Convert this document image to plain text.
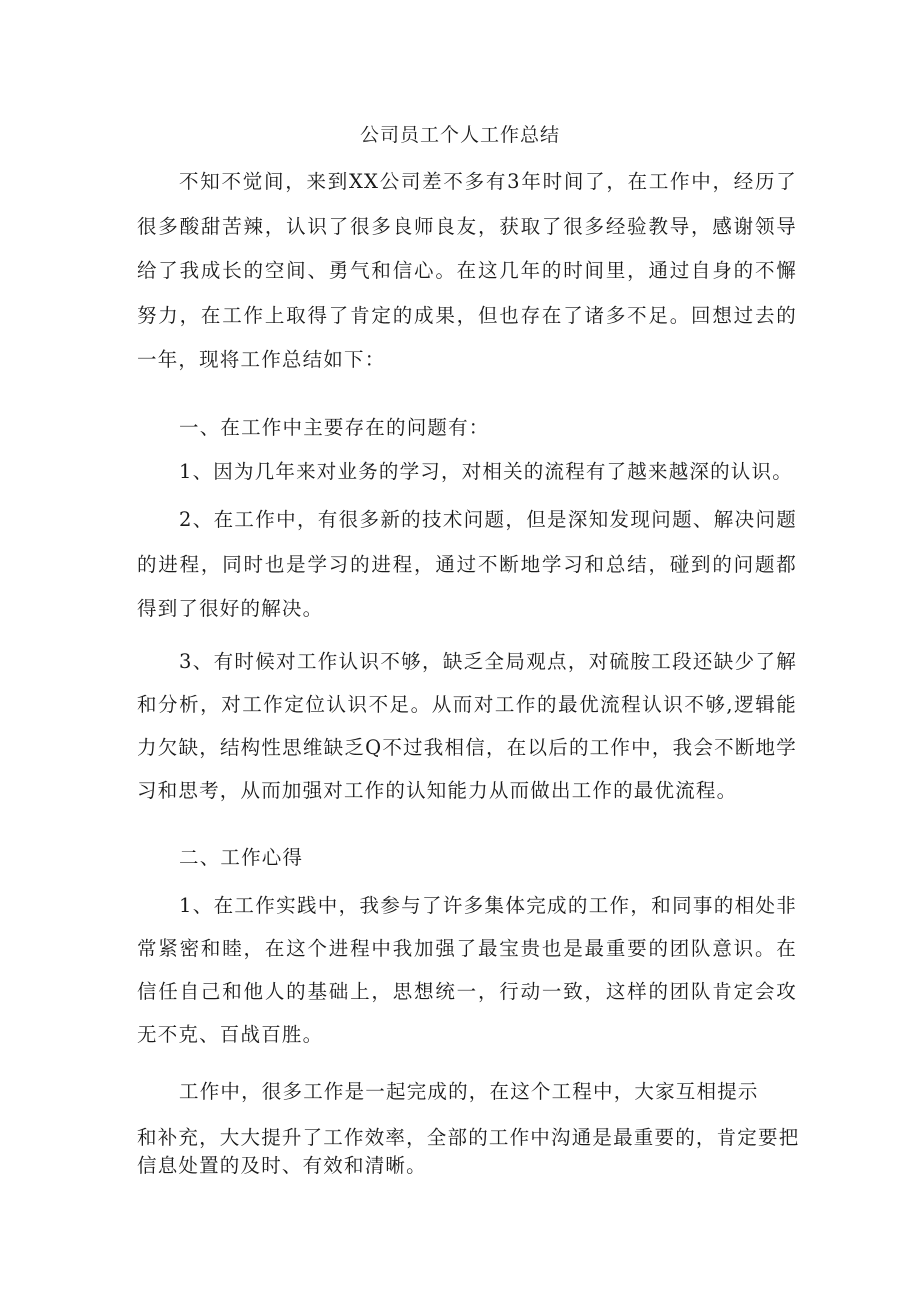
公司员工个人工作总结
不知不觉间，来到XX公司差不多有3年时间了，在工作中，经历了很多酸甜苦辣，认识了很多良师良友，获取了很多经验教导，感谢领导给了我成长的空间、勇气和信心。在这几年的时间里，通过自身的不懈努力，在工作上取得了肯定的成果，但也存在了诸多不足。回想过去的一年，现将工作总结如下：
一、在工作中主要存在的问题有：
1、因为几年来对业务的学习，对相关的流程有了越来越深的认识。
2、在工作中，有很多新的技术问题，但是深知发现问题、解决问题的进程，同时也是学习的进程，通过不断地学习和总结，碰到的问题都得到了很好的解决。
3、有时候对工作认识不够，缺乏全局观点，对硫胺工段还缺少了解和分析，对工作定位认识不足。从而对工作的最优流程认识不够,逻辑能力欠缺，结构性思维缺乏Q不过我相信，在以后的工作中，我会不断地学习和思考，从而加强对工作的认知能力从而做出工作的最优流程。
二、工作心得
1、在工作实践中，我参与了许多集体完成的工作，和同事的相处非常紧密和睦，在这个进程中我加强了最宝贵也是最重要的团队意识。在信任自己和他人的基础上，思想统一，行动一致，这样的团队肯定会攻无不克、百战百胜。
工作中，很多工作是一起完成的，在这个工程中，大家互相提示
和补充，大大提升了工作效率，全部的工作中沟通是最重要的，肯定要把
信息处置的及时、有效和清晰。
